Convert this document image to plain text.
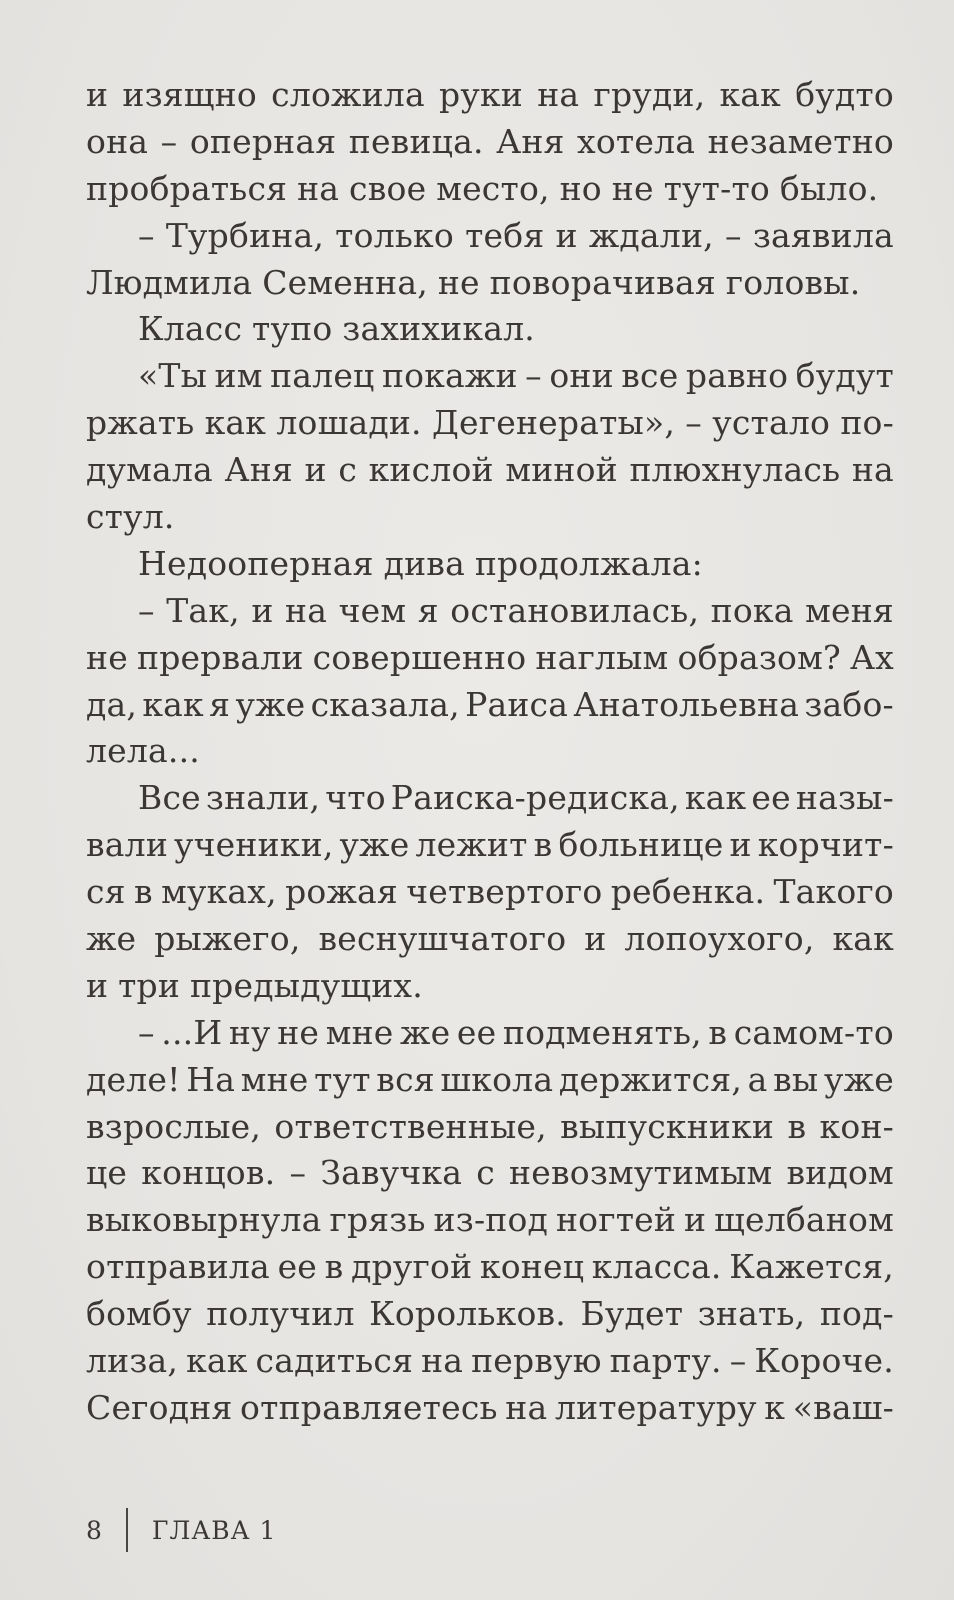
и изящно сложила руки на груди, как будто
она – оперная певица. Аня хотела незаметно
пробраться на свое место, но не тут-то было.
– Турбина, только тебя и ждали, – заявила
Людмила Семенна, не поворачивая головы.
Класс тупо захихикал.
«Ты им палец покажи – они все равно будут
ржать как лошади. Дегенераты», – устало по-
думала Аня и с кислой миной плюхнулась на
стул.
Недооперная дива продолжала:
– Так, и на чем я остановилась, пока меня
не прервали совершенно наглым образом? Ах
да, как я уже сказала, Раиса Анатольевна забо-
лела...
Все знали, что Раиска-редиска, как ее назы-
вали ученики, уже лежит в больнице и корчит-
ся в муках, рожая четвертого ребенка. Такого
же рыжего, веснушчатого и лопоухого, как
и три предыдущих.
– ...И ну не мне же ее подменять, в самом-то
деле! На мне тут вся школа держится, а вы уже
взрослые, ответственные, выпускники в кон-
це концов. – Завучка с невозмутимым видом
выковырнула грязь из-под ногтей и щелбаном
отправила ее в другой конец класса. Кажется,
бомбу получил Корольков. Будет знать, под-
лиза, как садиться на первую парту. – Короче.
Сегодня отправляетесь на литературу к «ваш-
8 ГЛАВА 1
